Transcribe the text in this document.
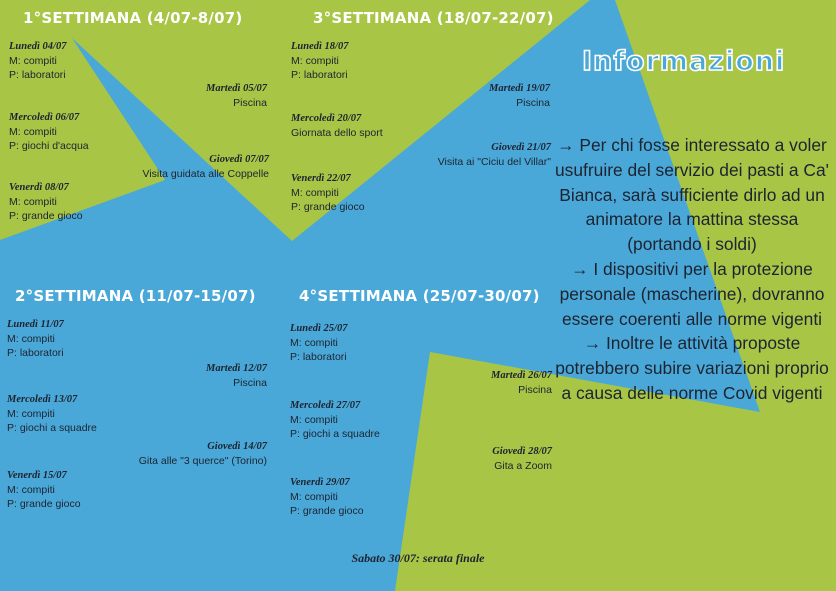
1°SETTIMANA (4/07-8/07)
Lunedì 04/07
M: compiti
P: laboratori
Martedì 05/07
Piscina
Mercoledì 06/07
M: compiti
P: giochi d'acqua
Giovedì 07/07
Visita guidata alle Coppelle
Venerdì 08/07
M: compiti
P: grande gioco
2°SETTIMANA (11/07-15/07)
Lunedì 11/07
M: compiti
P: laboratori
Martedì 12/07
Piscina
Mercoledì 13/07
M: compiti
P: giochi a squadre
Giovedì 14/07
Gita alle "3 querce" (Torino)
Venerdì 15/07
M: compiti
P: grande gioco
3°SETTIMANA (18/07-22/07)
Lunedì 18/07
M: compiti
P: laboratori
Martedì 19/07
Piscina
Mercoledì 20/07
Giornata dello sport
Giovedì 21/07
Visita ai "Ciciu del Villar"
Venerdì 22/07
M: compiti
P: grande gioco
4°SETTIMANA (25/07-30/07)
Lunedì 25/07
M: compiti
P: laboratori
Martedì 26/07
Piscina
Mercoledì 27/07
M: compiti
P: giochi a squadre
Giovedì 28/07
Gita a Zoom
Venerdì 29/07
M: compiti
P: grande gioco
Informazioni

→ Per chi fosse interessato a voler usufruire del servizio dei pasti a Ca' Bianca, sarà sufficiente dirlo ad un animatore la mattina stessa (portando i soldi)

→ I dispositivi per la protezione personale (mascherine), dovranno essere coerenti alle norme vigenti

→ Inoltre le attività proposte potrebbero subire variazioni proprio a causa delle norme Covid vigenti

Sabato 30/07: serata finale
